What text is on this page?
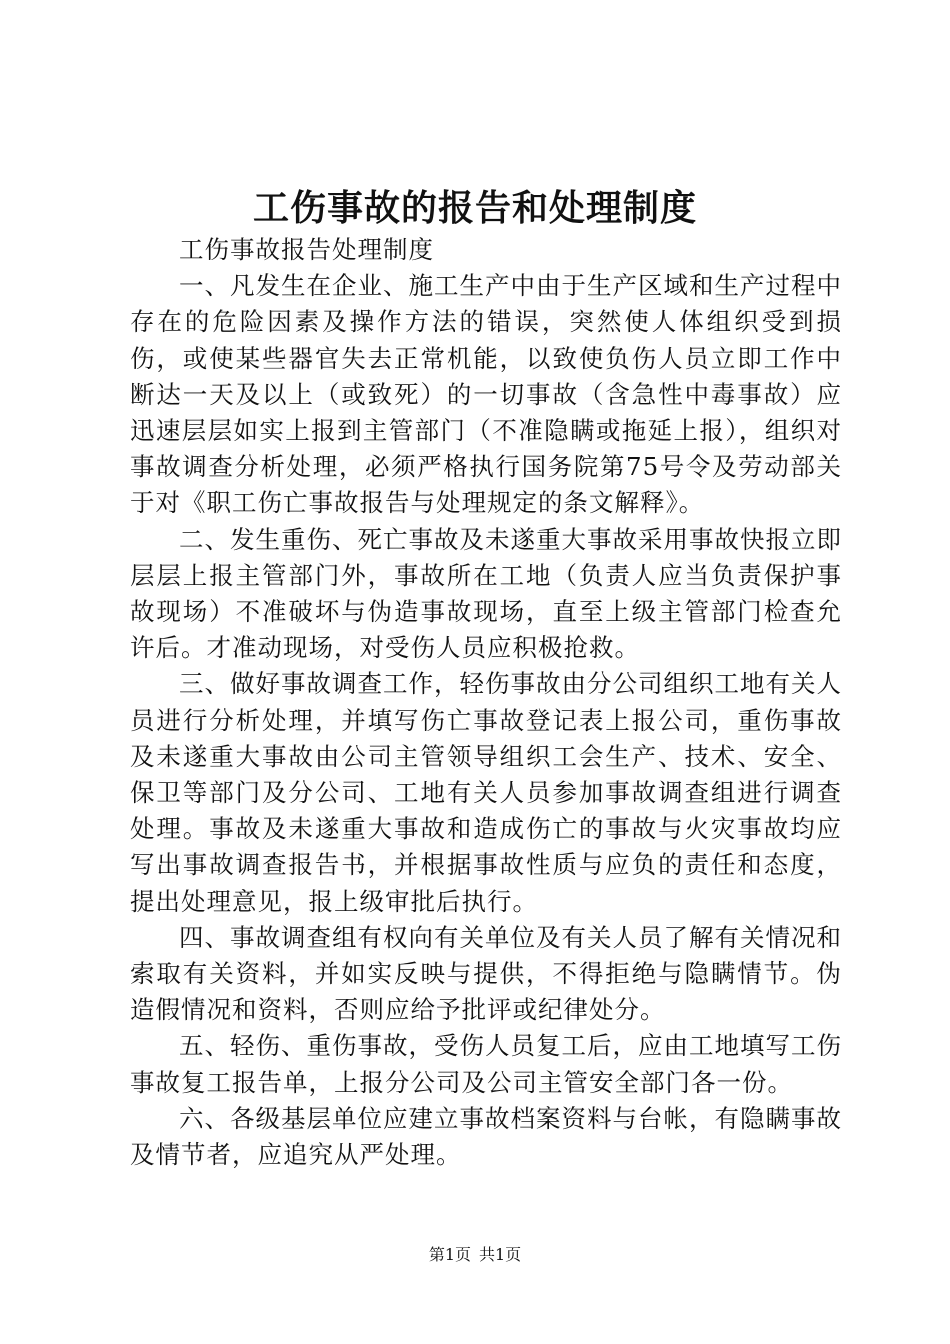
工伤事故的报告和处理制度

工伤事故报告处理制度

一、凡发生在企业、施工生产中由于生产区域和生产过程中存在的危险因素及操作方法的错误，突然使人体组织受到损伤，或使某些器官失去正常机能，以致使负伤人员立即工作中断达一天及以上（或致死）的一切事故（含急性中毒事故）应迅速层层如实上报到主管部门（不准隐瞒或拖延上报），组织对事故调查分析处理，必须严格执行国务院第75号令及劳动部关于对《职工伤亡事故报告与处理规定的条文解释》。

二、发生重伤、死亡事故及未遂重大事故采用事故快报立即层层上报主管部门外，事故所在工地（负责人应当负责保护事故现场）不准破坏与伪造事故现场，直至上级主管部门检查允许后。才准动现场，对受伤人员应积极抢救。

三、做好事故调查工作，轻伤事故由分公司组织工地有关人员进行分析处理，并填写伤亡事故登记表上报公司，重伤事故及未遂重大事故由公司主管领导组织工会生产、技术、安全、保卫等部门及分公司、工地有关人员参加事故调查组进行调查处理。事故及未遂重大事故和造成伤亡的事故与火灾事故均应写出事故调查报告书，并根据事故性质与应负的责任和态度，提出处理意见，报上级审批后执行。

四、事故调查组有权向有关单位及有关人员了解有关情况和索取有关资料，并如实反映与提供，不得拒绝与隐瞒情节。伪造假情况和资料，否则应给予批评或纪律处分。

五、轻伤、重伤事故，受伤人员复工后，应由工地填写工伤事故复工报告单，上报分公司及公司主管安全部门各一份。

六、各级基层单位应建立事故档案资料与台帐，有隐瞒事故及情节者，应追究从严处理。

第1页 共1页
